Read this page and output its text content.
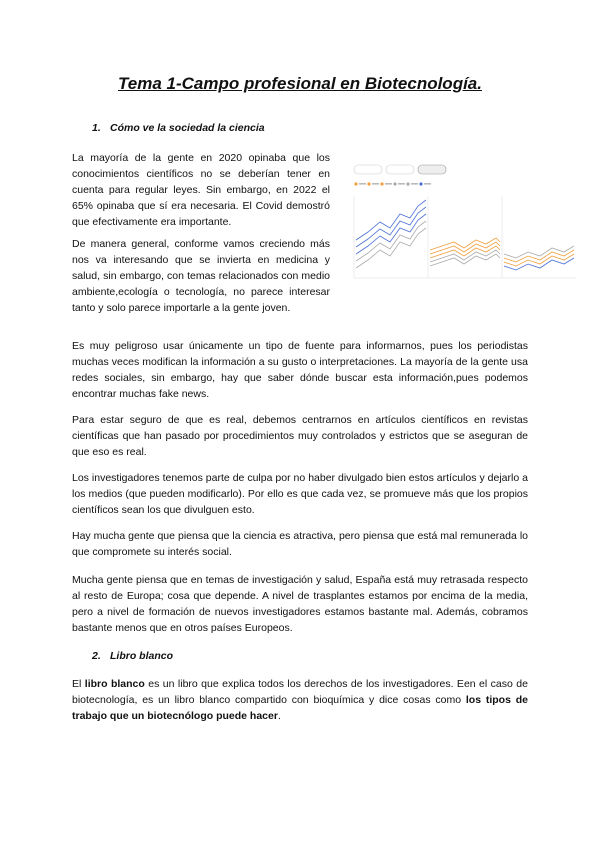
Tema 1-Campo profesional en Biotecnología.
1. Cómo ve la sociedad la ciencia

La mayoría de la gente en 2020 opinaba que los conocimientos científicos no se deberían tener en cuenta para regular leyes. Sin embargo, en 2022 el 65% opinaba que sí era necesaria. El Covid demostró que efectivamente era importante.

De manera general, conforme vamos creciendo más nos va interesando que se invierta en medicina y salud, sin embargo, con temas relacionados con medio ambiente,ecología o tecnología, no parece interesar tanto y solo parece importarle a la gente joven.

Es muy peligroso usar únicamente un tipo de fuente para informarnos, pues los periodistas muchas veces modifican la información a su gusto o interpretaciones. La mayoría de la gente usa redes sociales, sin embargo, hay que saber dónde buscar esta información,pues podemos encontrar muchas fake news.

Para estar seguro de que es real, debemos centrarnos en artículos científicos en revistas científicas que han pasado por procedimientos muy controlados y estrictos que se aseguran de que eso es real.

Los investigadores tenemos parte de culpa por no haber divulgado bien estos artículos y dejarlo a los medios (que pueden modificarlo). Por ello es que cada vez, se promueve más que los propios científicos sean los que divulguen esto.

Hay mucha gente que piensa que la ciencia es atractiva, pero piensa que está mal remunerada lo que compromete su interés social.

Mucha gente piensa que en temas de investigación y salud, España está muy retrasada respecto al resto de Europa; cosa que depende. A nivel de trasplantes estamos por encima de la media, pero a nivel de formación de nuevos investigadores estamos bastante mal. Además, cobramos bastante menos que en otros países Europeos.

2. Libro blanco

El libro blanco es un libro que explica todos los derechos de los investigadores. Een el caso de biotecnología, es un libro blanco compartido con bioquímica y dice cosas como los tipos de trabajo que un biotecnólogo puede hacer.
